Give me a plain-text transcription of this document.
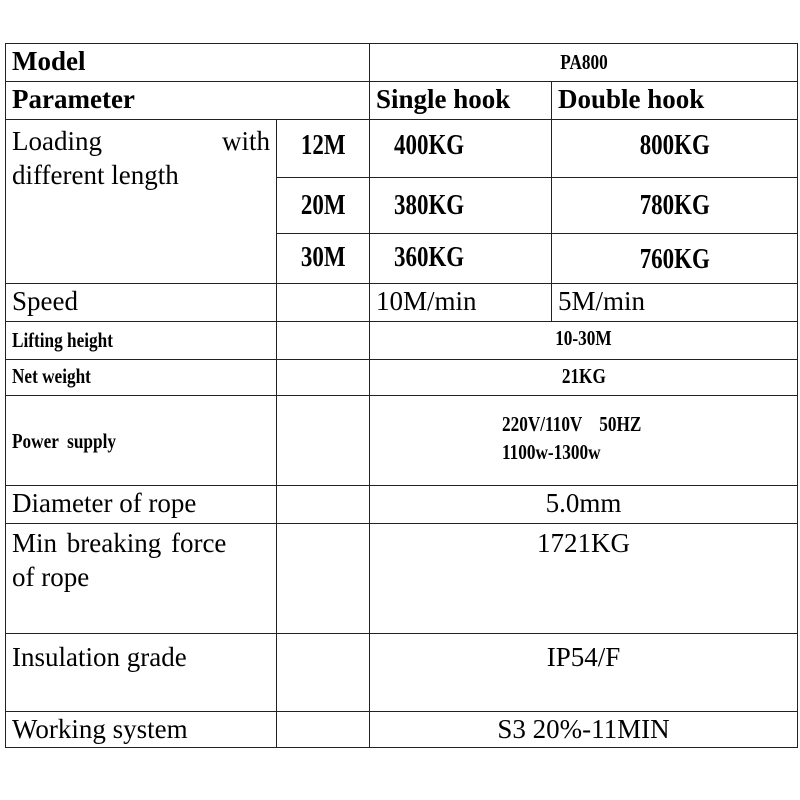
Model		PA800	
Parameter		Single hook	Double hook

Loading with
different length	12M	400KG	800KG
	20M	380KG	780KG
	30M	360KG	760KG
Speed		10M/min	5M/min
Lifting height		10-30M	
Net weight		21KG	
Power  supply		220V/110V    50HZ
1100w-1300w	

Diameter of rope		5.0mm	

Min breaking force
of rope		1721KG	
Insulation grade		IP54/F	
Working system		S3 20%-11MIN	
